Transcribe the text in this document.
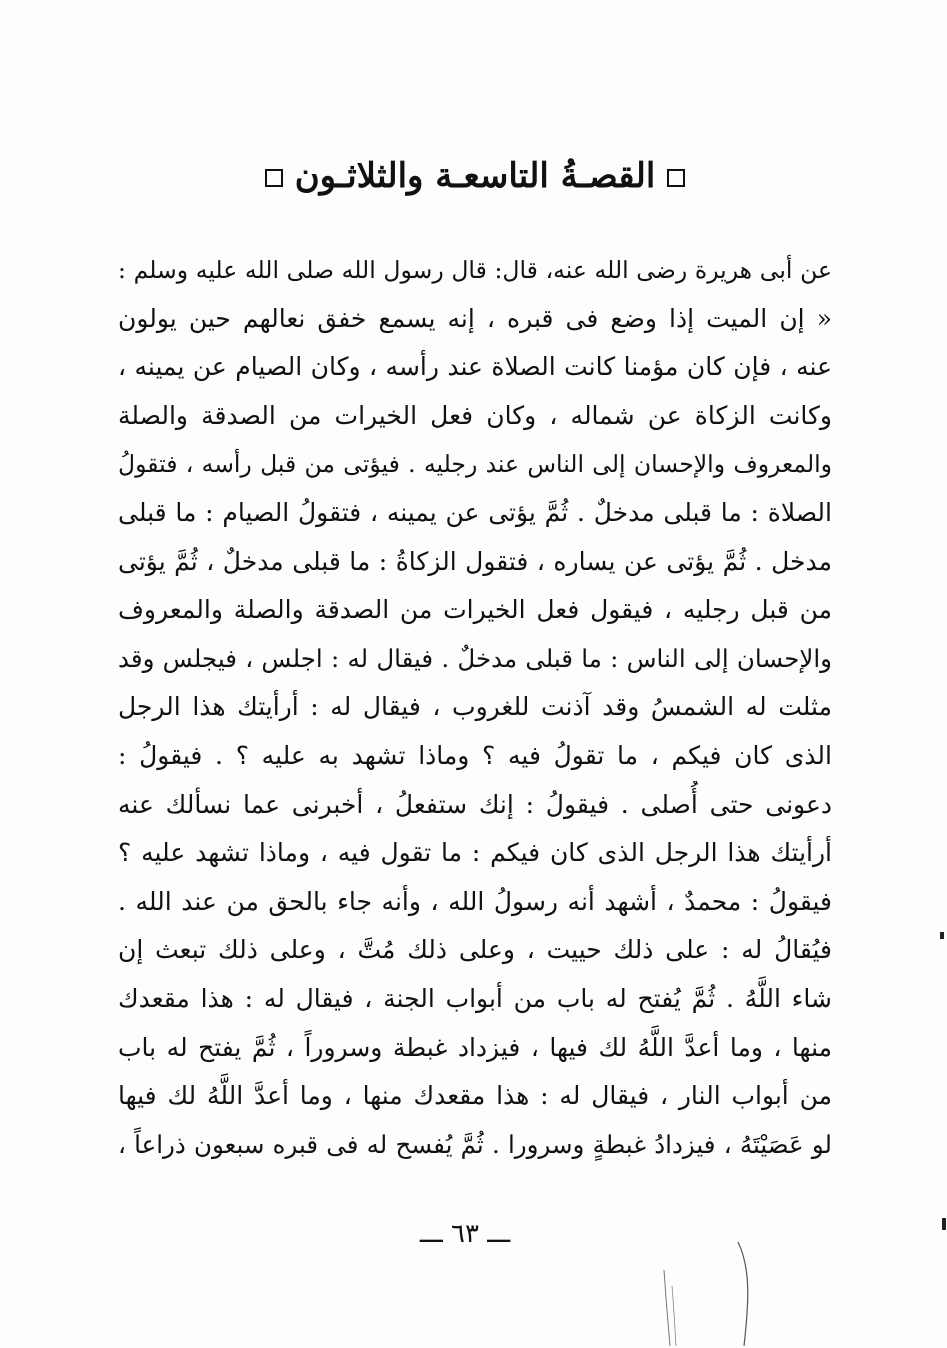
القصـةُ التاسعـة والثلاثـون
عن أبى هريرة رضى الله عنه، قال: قال رسول الله صلى الله عليه وسلم :
« إن الميت إذا وضع فى قبره ، إنه يسمع خفق نعالهم حين يولون
عنه ، فإن كان مؤمنا كانت الصلاة عند رأسه ، وكان الصيام عن يمينه ،
وكانت الزكاة عن شماله ، وكان فعل الخيرات من الصدقة والصلة
والمعروف والإحسان إلى الناس عند رجليه . فيؤتى من قبل رأسه ، فتقولُ
الصلاة : ما قبلى مدخلٌ . ثُمَّ يؤتى عن يمينه ، فتقولُ الصيام : ما قبلى
مدخل . ثُمَّ يؤتى عن يساره ، فتقول الزكاةُ : ما قبلى مدخلٌ ، ثُمَّ يؤتى
من قبل رجليه ، فيقول فعل الخيرات من الصدقة والصلة والمعروف
والإحسان إلى الناس : ما قبلى مدخلٌ . فيقال له : اجلس ، فيجلس وقد
مثلت له الشمسُ وقد آذنت للغروب ، فيقال له : أرأيتك هذا الرجل
الذى كان فيكم ، ما تقولُ فيه ؟ وماذا تشهد به عليه ؟ . فيقولُ :
دعونى حتى أُصلى . فيقولُ : إنك ستفعلُ ، أخبرنى عما نسألك عنه
أرأيتك هذا الرجل الذى كان فيكم : ما تقول فيه ، وماذا تشهد عليه ؟
فيقولُ : محمدٌ ، أشهد أنه رسولُ الله ، وأنه جاء بالحق من عند الله .
فيُقالُ له : على ذلك حييت ، وعلى ذلك مُتَّ ، وعلى ذلك تبعث إن
شاء اللَّهُ . ثُمَّ يُفتح له باب من أبواب الجنة ، فيقال له : هذا مقعدك
منها ، وما أعدَّ اللَّهُ لك فيها ، فيزداد غبطة وسروراً ، ثُمَّ يفتح له باب
من أبواب النار ، فيقال له : هذا مقعدك منها ، وما أعدَّ اللَّهُ لك فيها
لو عَصَيْتَهُ ، فيزدادُ غبطةٍ وسرورا . ثُمَّ يُفسح له فى قبره سبعون ذراعاً ،
ـــ ٦٣ ـــ
